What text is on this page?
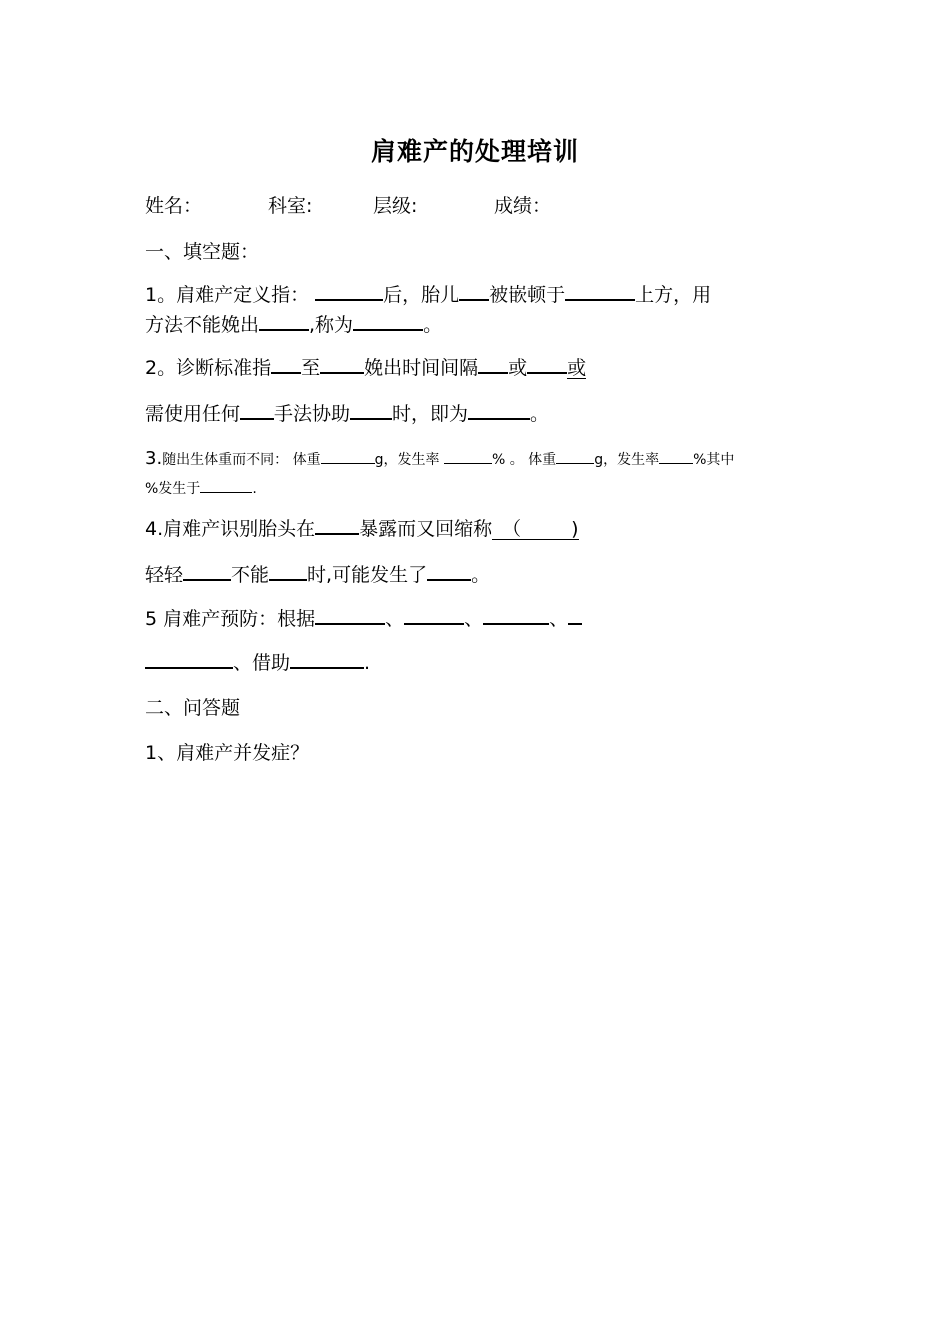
肩难产的处理培训
姓名：	科室:	层级:	成绩：
一、填空题：
1。肩难产定义指：	后，胎儿 被嵌顿于	上方，用
方法不能娩出	,称为	。
2。诊断标准指 至 娩出时间间隔 或 或
需使用任何 手法协助 时，即为	。
3.随出生体重而不同： 体重	g，发生率	% 。 体重	g，发生率 %其中
%发生于	.
4.肩难产识别胎头在 暴露而又回缩称 （	)
轻轻	不能 时,可能发生了 。
5 肩难产预防：根据	、	、	、
、借助	.
二、问答题
1、肩难产并发症？
